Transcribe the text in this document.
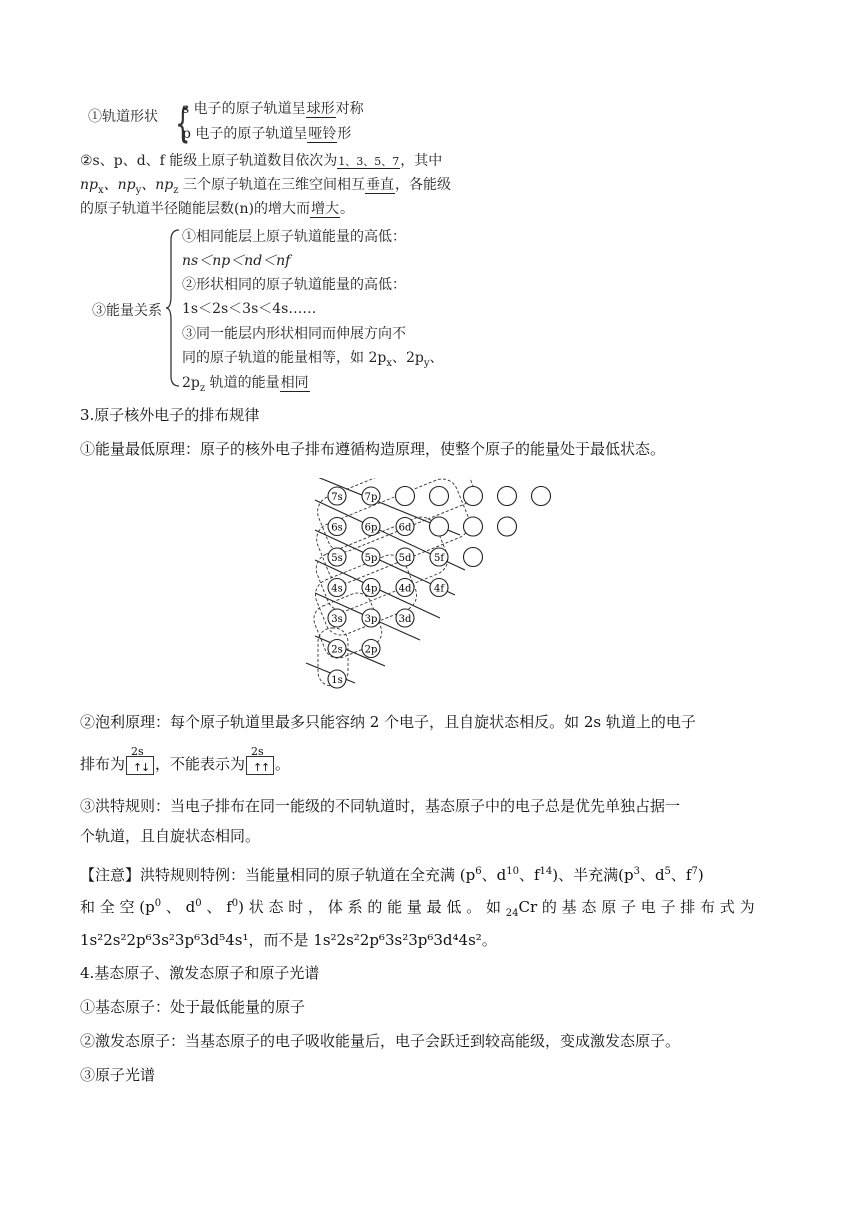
①轨道形状 {
s 电子的原子轨道呈球形对称
p 电子的原子轨道呈哑铃形
②s、p、d、f 能级上原子轨道数目依次为1、3、5、7，其中
$np_x$、$np_y$、$np_z$ 三个原子轨道在三维空间相互垂直，各能级
的原子轨道半径随能层数(n)的增大而增大。
③能量关系
①相同能层上原子轨道能量的高低：
ns＜np＜nd＜nf
②形状相同的原子轨道能量的高低：
1s＜2s＜3s＜4s……
③同一能层内形状相同而伸展方向不
同的原子轨道的能量相等，如 $2p_x$、$2p_y$、
$2p_z$ 轨道的能量相同
3.原子核外电子的排布规律
①能量最低原理：原子的核外电子排布遵循构造原理，使整个原子的能量处于最低状态。
7s 7p
6s 6p 6d
5s 5p 5d 5f
4s 4p 4d 4f
3s 3p 3d
2s 2p
1s
②泡利原理：每个原子轨道里最多只能容纳 2 个电子，且自旋状态相反。如 2s 轨道上的电子
排布为
2s
↑
↓ ，不能表示为
2s
↑
↑ 。
③洪特规则：当电子排布在同一能级的不同轨道时，基态原子中的电子总是优先单独占据一
个轨道，且自旋状态相同。
【注意】洪特规则特例：当能量相同的原子轨道在全充满 ($p^6$、$d^{10}$、$f^{14}$)、半充满($p^3$、$d^5$、$f^7$)
和 全 空 ($p^0$ 、 $d^0$ 、 $f^0$) 状 态 时 ， 体 系 的 能 量 最 低 。 如 $_{24}$Cr 的 基 态 原 子 电 子 排 布 式 为
1s²2s²2p⁶3s²3p⁶3d⁵4s¹，而不是 1s²2s²2p⁶3s²3p⁶3d⁴4s²。
4.基态原子、激发态原子和原子光谱
①基态原子：处于最低能量的原子
②激发态原子：当基态原子的电子吸收能量后，电子会跃迁到较高能级，变成激发态原子。
③原子光谱
